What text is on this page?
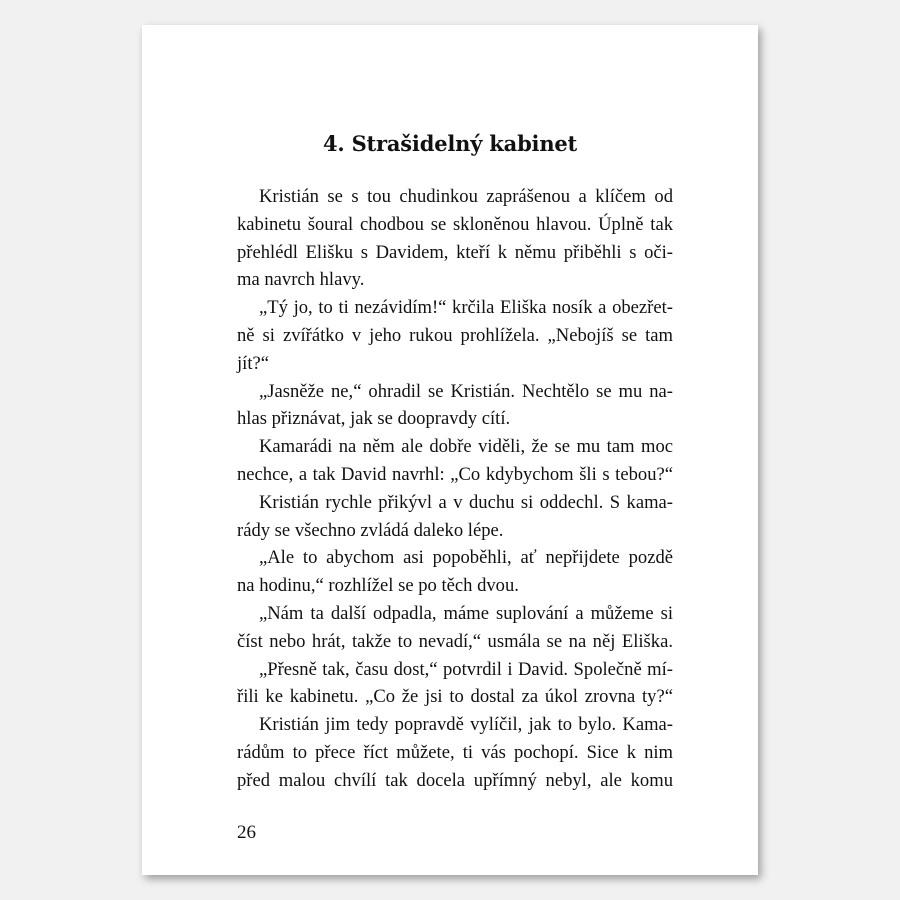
4. Strašidelný kabinet
Kristián se s tou chudinkou zaprášenou a klíčem od
kabinetu šoural chodbou se skloněnou hlavou. Úplně tak
přehlédl Elišku s Davidem, kteří k němu přiběhli s oči-
ma navrch hlavy.
„Tý jo, to ti nezávidím!“ krčila Eliška nosík a obezřet-
ně si zvířátko v jeho rukou prohlížela. „Nebojíš se tam
jít?“
„Jasněže ne,“ ohradil se Kristián. Nechtělo se mu na-
hlas přiznávat, jak se doopravdy cítí.
Kamarádi na něm ale dobře viděli, že se mu tam moc
nechce, a tak David navrhl: „Co kdybychom šli s tebou?“
Kristián rychle přikývl a v duchu si oddechl. S kama-
rády se všechno zvládá daleko lépe.
„Ale to abychom asi popoběhli, ať nepřijdete pozdě
na hodinu,“ rozhlížel se po těch dvou.
„Nám ta další odpadla, máme suplování a můžeme si
číst nebo hrát, takže to nevadí,“ usmála se na něj Eliška.
„Přesně tak, času dost,“ potvrdil i David. Společně mí-
řili ke kabinetu. „Co že jsi to dostal za úkol zrovna ty?“
Kristián jim tedy popravdě vylíčil, jak to bylo. Kama-
rádům to přece říct můžete, ti vás pochopí. Sice k nim
před malou chvílí tak docela upřímný nebyl, ale komu
26
